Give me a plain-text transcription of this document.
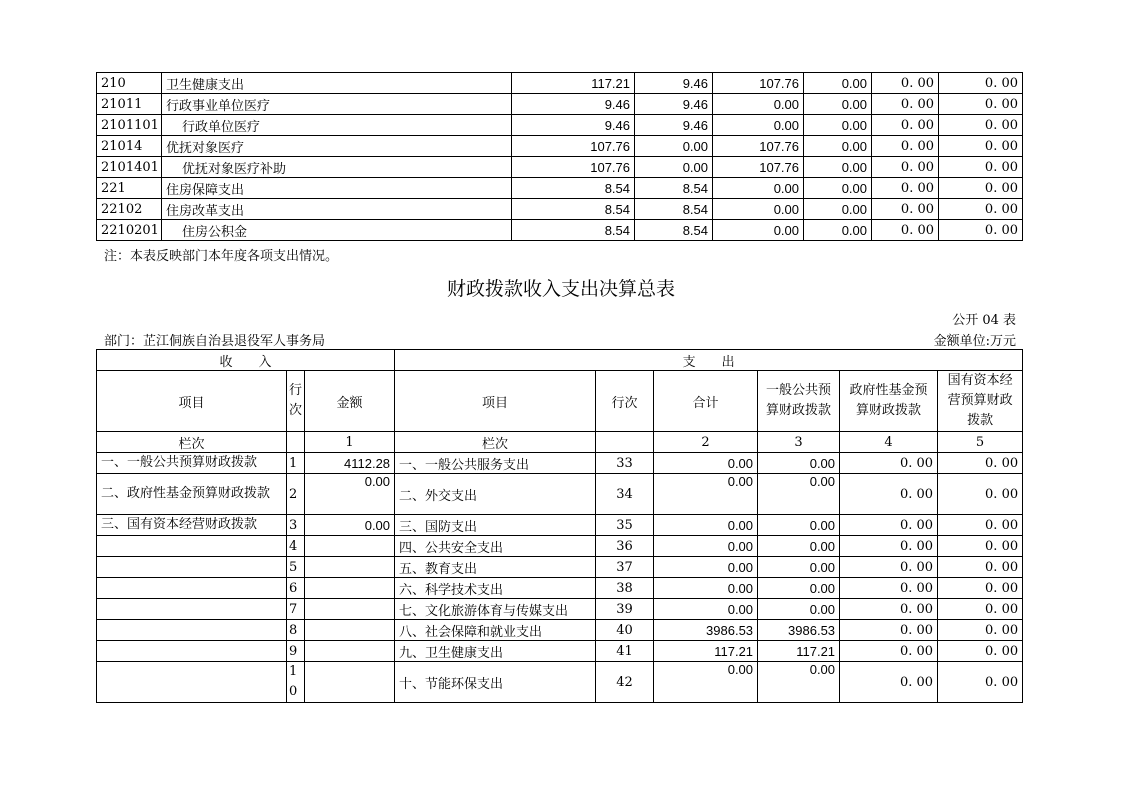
210	卫生健康支出	117.21	9.46	107.76	0.00	0. 00	0. 00
21011	行政事业单位医疗	9.46	9.46	0.00	0.00	0. 00	0. 00
2101101	行政单位医疗	9.46	9.46	0.00	0.00	0. 00	0. 00
21014	优抚对象医疗	107.76	0.00	107.76	0.00	0. 00	0. 00
2101401	优抚对象医疗补助	107.76	0.00	107.76	0.00	0. 00	0. 00
221	住房保障支出	8.54	8.54	0.00	0.00	0. 00	0. 00
22102	住房改革支出	8.54	8.54	0.00	0.00	0. 00	0. 00
2210201	住房公积金	8.54	8.54	0.00	0.00	0. 00	0. 00
注：本表反映部门本年度各项支出情况。
财政拨款收入支出决算总表
公开 04 表
部门：芷江侗族自治县退役军人事务局	金额单位:万元
收　　入			支　　出					
项目	行次	金额	项目	行次	合计	一般公共预算财政拨款	政府性基金预算财政拨款	国有资本经营预算财政拨款
栏次		1	栏次		2	3	4	5
一、一般公共预算财政拨款	1	4112.28	一、一般公共服务支出	33	0.00	0.00	0. 00	0. 00
二、政府性基金预算财政拨款	2	0.00	二、外交支出	34	0.00	0.00	0. 00	0. 00
三、国有资本经营财政拨款	3	0.00	三、国防支出	35	0.00	0.00	0. 00	0. 00
	4		四、公共安全支出	36	0.00	0.00	0. 00	0. 00
	5		五、教育支出	37	0.00	0.00	0. 00	0. 00
	6		六、科学技术支出	38	0.00	0.00	0. 00	0. 00
	7		七、文化旅游体育与传媒支出	39	0.00	0.00	0. 00	0. 00
	8		八、社会保障和就业支出	40	3986.53	3986.53	0. 00	0. 00
	9		九、卫生健康支出	41	117.21	117.21	0. 00	0. 00
	10		十、节能环保支出	42	0.00	0.00	0. 00	0. 00
